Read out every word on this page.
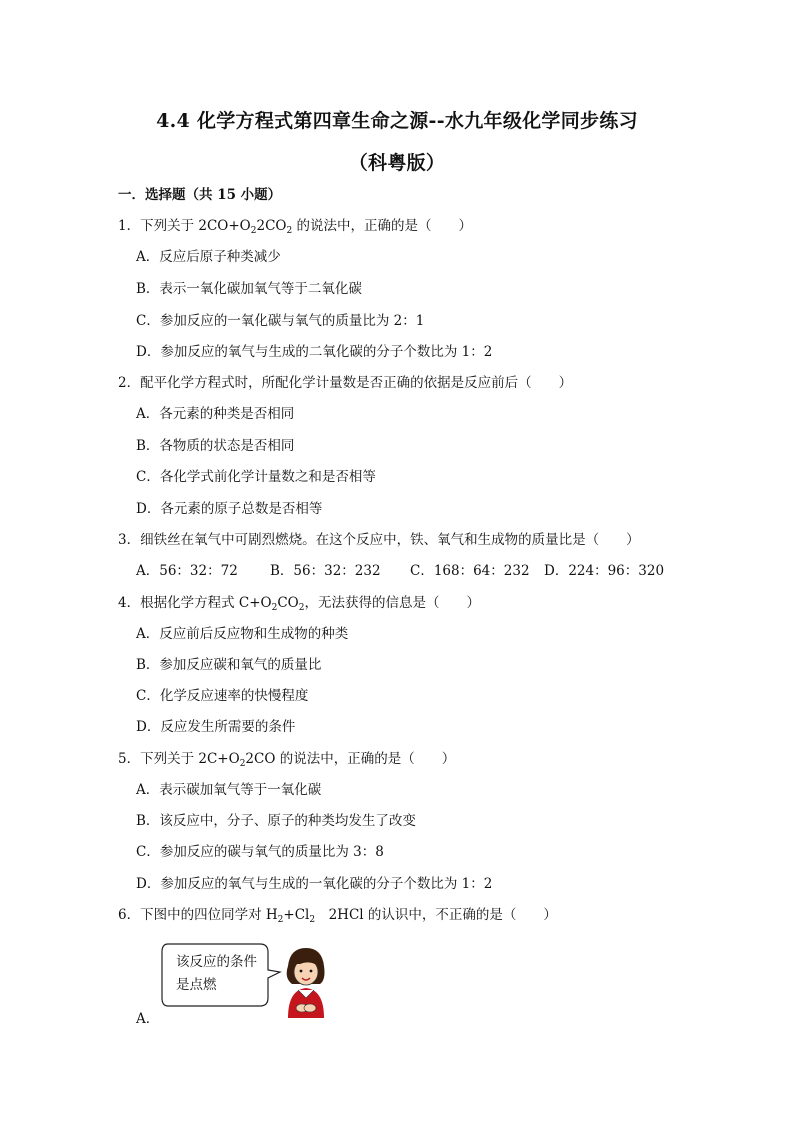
4.4 化学方程式第四章生命之源--水九年级化学同步练习
（科粤版）
一．选择题（共 15 小题）
1．下列关于 $2CO+O_22CO_2$ 的说法中，正确的是（　　）
A．反应后原子种类减少
B．表示一氧化碳加氧气等于二氧化碳
C．参加反应的一氧化碳与氧气的质量比为 2：1
D．参加反应的氧气与生成的二氧化碳的分子个数比为 1：2
2．配平化学方程式时，所配化学计量数是否正确的依据是反应前后（　　）
A．各元素的种类是否相同
B．各物质的状态是否相同
C．各化学式前化学计量数之和是否相等
D．各元素的原子总数是否相等
3．细铁丝在氧气中可剧烈燃烧。在这个反应中，铁、氧气和生成物的质量比是（　　）
A．56：32：72 B．56：32：232 C．168：64：232 D．224：96：320
4．根据化学方程式 $C+O_2CO_2$，无法获得的信息是（　　）
A．反应前后反应物和生成物的种类
B．参加反应碳和氧气的质量比
C．化学反应速率的快慢程度
D．反应发生所需要的条件
5．下列关于 $2C+O_22CO$ 的说法中，正确的是（　　）
A．表示碳加氧气等于一氧化碳
B．该反应中，分子、原子的种类均发生了改变
C．参加反应的碳与氧气的质量比为 3：8
D．参加反应的氧气与生成的一氧化碳的分子个数比为 1：2
6．下图中的四位同学对 $H_2+Cl_2$　2HCl 的认识中，不正确的是（　　）
该反应的条件
是点燃
A．
